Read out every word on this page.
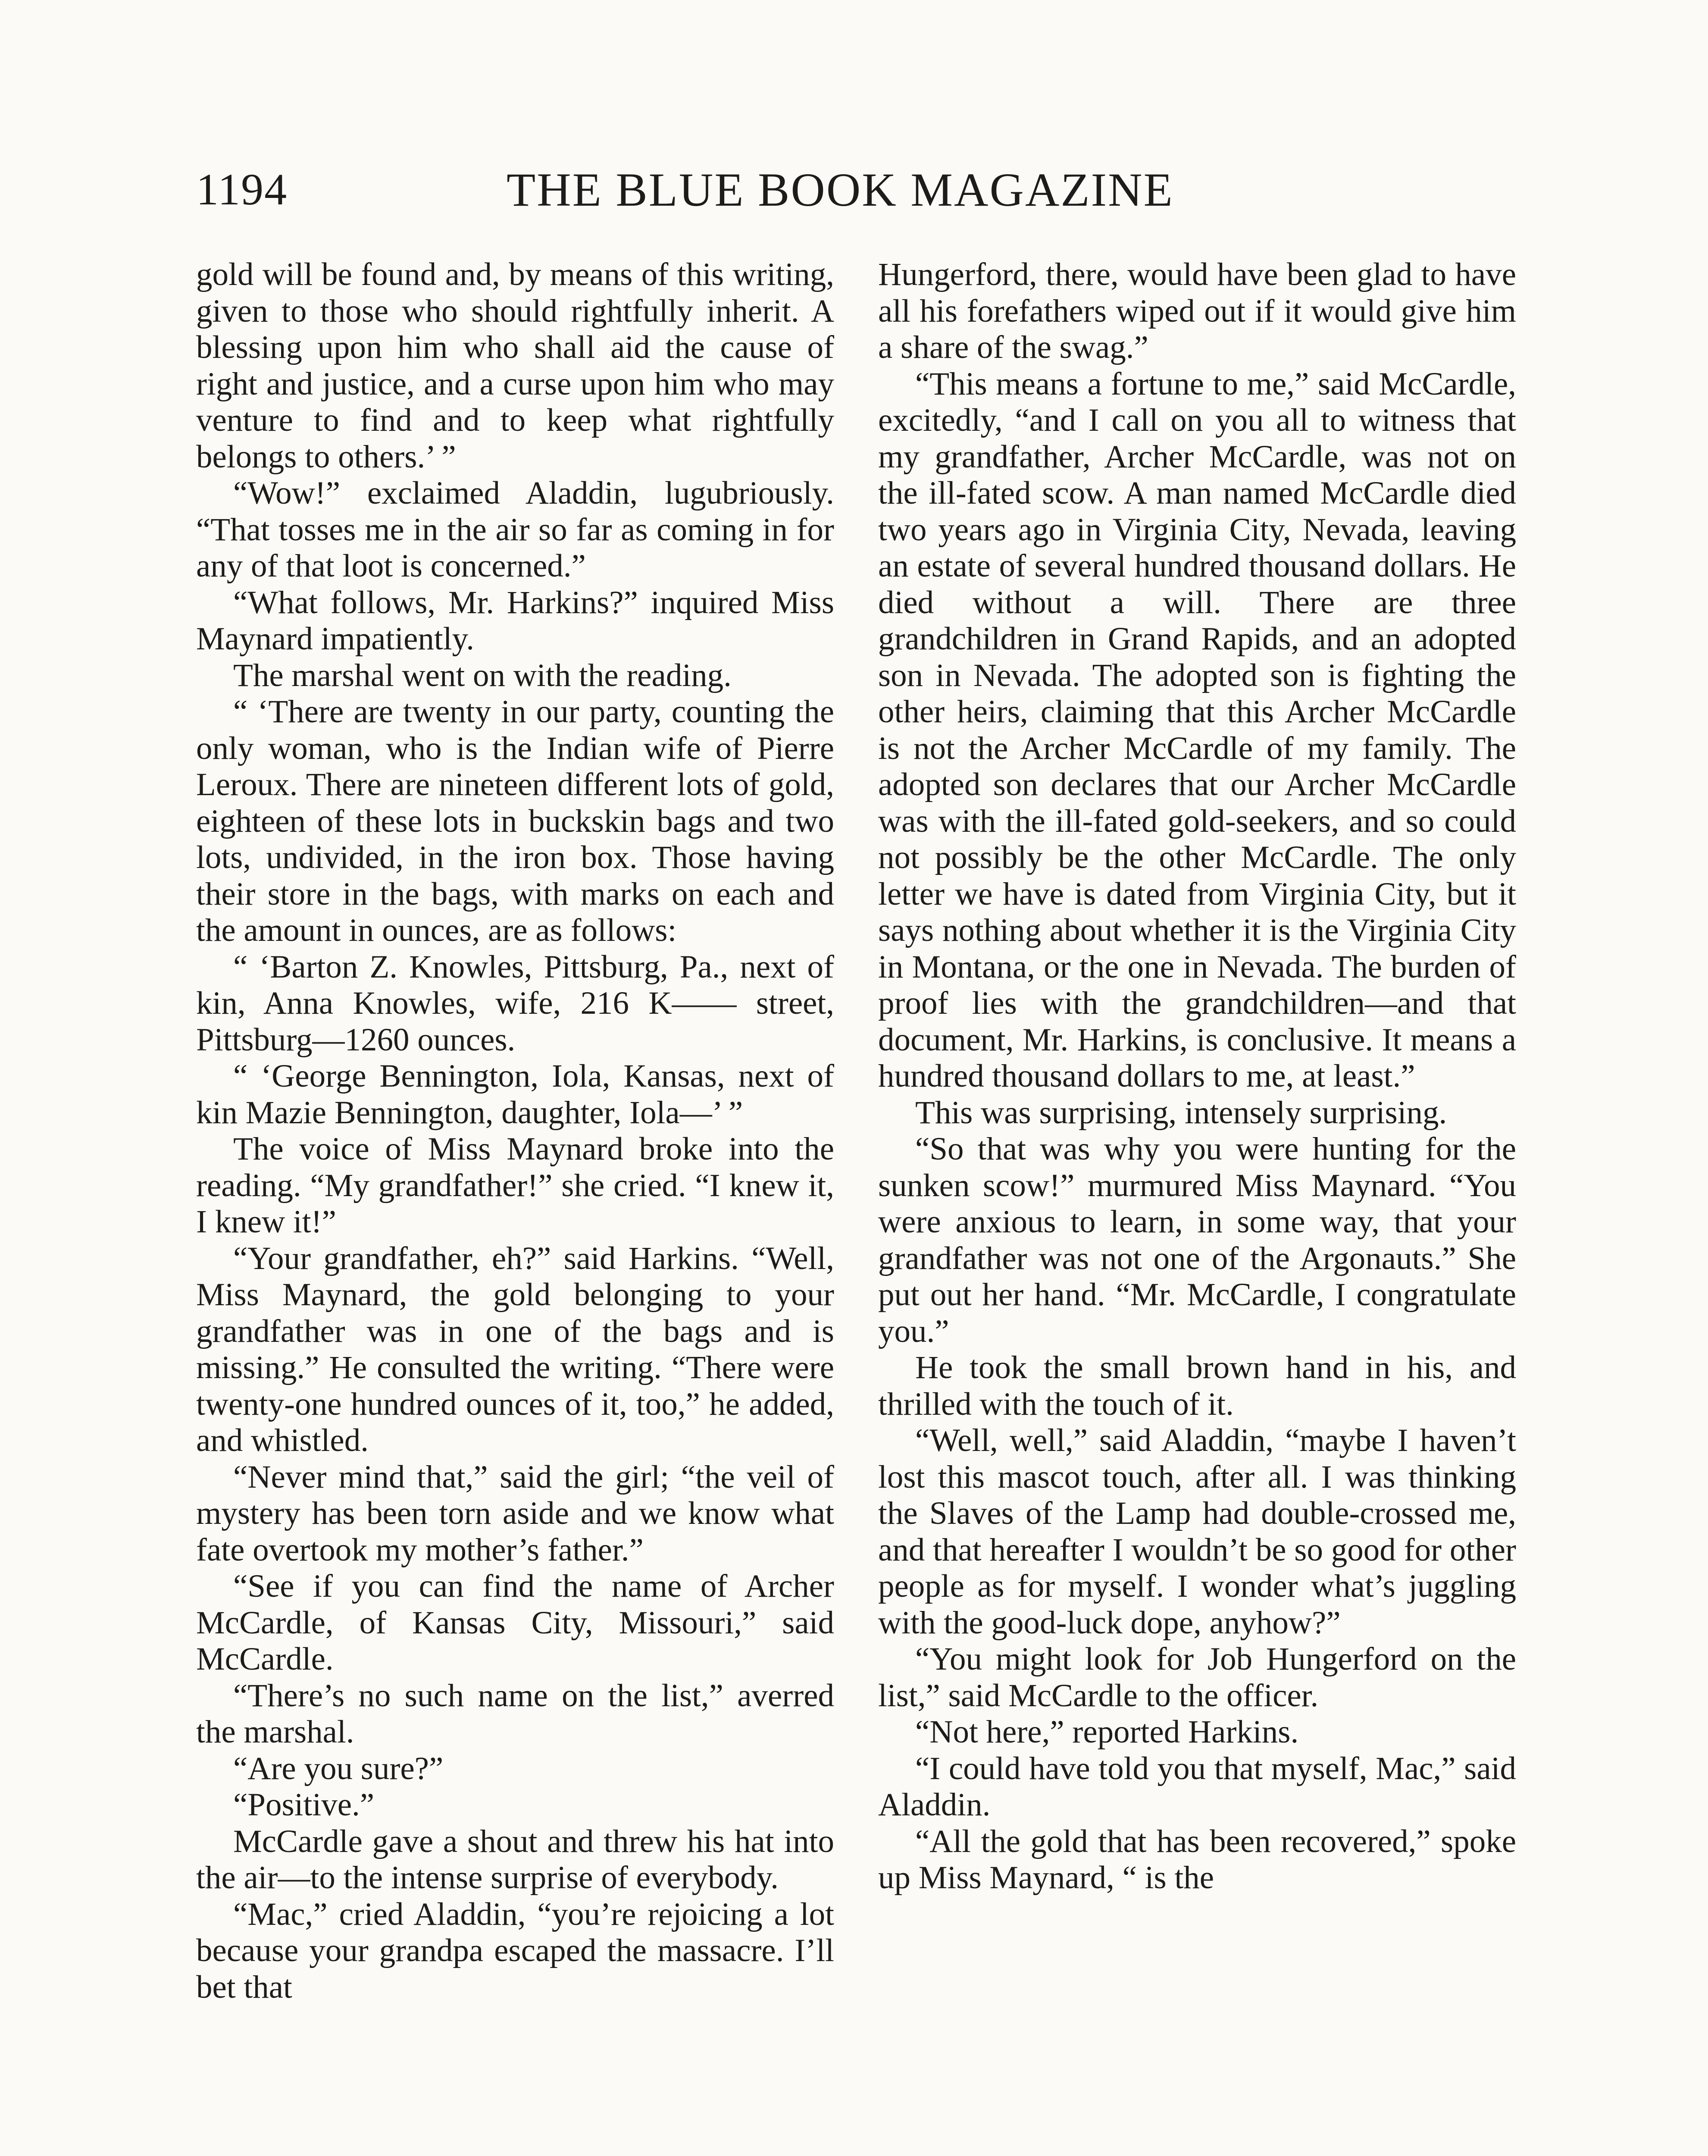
1194	THE BLUE BOOK MAGAZINE

gold will be found and, by means of this writing, given to those who should rightfully inherit. A blessing upon him who shall aid the cause of right and justice, and a curse upon him who may venture to find and to keep what rightfully belongs to others.’ ”

“Wow!” exclaimed Aladdin, lugubriously. “That tosses me in the air so far as coming in for any of that loot is concerned.”

“What follows, Mr. Harkins?” inquired Miss Maynard impatiently.

The marshal went on with the reading.

“ ‘There are twenty in our party, counting the only woman, who is the Indian wife of Pierre Leroux. There are nineteen different lots of gold, eighteen of these lots in buckskin bags and two lots, undivided, in the iron box. Those having their store in the bags, with marks on each and the amount in ounces, are as follows:

“ ‘Barton Z. Knowles, Pittsburg, Pa., next of kin, Anna Knowles, wife, 216 K—— street, Pittsburg—1260 ounces.

“ ‘George Bennington, Iola, Kansas, next of kin Mazie Bennington, daughter, Iola—’ ”

The voice of Miss Maynard broke into the reading. “My grandfather!” she cried. “I knew it, I knew it!”

“Your grandfather, eh?” said Harkins. “Well, Miss Maynard, the gold belonging to your grandfather was in one of the bags and is missing.” He consulted the writing. “There were twenty-one hundred ounces of it, too,” he added, and whistled.

“Never mind that,” said the girl; “the veil of mystery has been torn aside and we know what fate overtook my mother’s father.”

“See if you can find the name of Archer McCardle, of Kansas City, Missouri,” said McCardle.

“There’s no such name on the list,” averred the marshal.

“Are you sure?”

“Positive.”

McCardle gave a shout and threw his hat into the air—to the intense surprise of everybody.

“Mac,” cried Aladdin, “you’re rejoicing a lot because your grandpa escaped the massacre. I’ll bet that

Hungerford, there, would have been glad to have all his forefathers wiped out if it would give him a share of the swag.”

“This means a fortune to me,” said McCardle, excitedly, “and I call on you all to witness that my grandfather, Archer McCardle, was not on the ill-fated scow. A man named McCardle died two years ago in Virginia City, Nevada, leaving an estate of several hundred thousand dollars. He died without a will. There are three grandchildren in Grand Rapids, and an adopted son in Nevada. The adopted son is fighting the other heirs, claiming that this Archer McCardle is not the Archer McCardle of my family. The adopted son declares that our Archer McCardle was with the ill-fated gold-seekers, and so could not possibly be the other McCardle. The only letter we have is dated from Virginia City, but it says nothing about whether it is the Virginia City in Montana, or the one in Nevada. The burden of proof lies with the grandchildren—and that document, Mr. Harkins, is conclusive. It means a hundred thousand dollars to me, at least.”

This was surprising, intensely surprising.

“So that was why you were hunting for the sunken scow!” murmured Miss Maynard. “You were anxious to learn, in some way, that your grandfather was not one of the Argonauts.” She put out her hand. “Mr. McCardle, I congratulate you.”

He took the small brown hand in his, and thrilled with the touch of it.

“Well, well,” said Aladdin, “maybe I haven’t lost this mascot touch, after all. I was thinking the Slaves of the Lamp had double-crossed me, and that hereafter I wouldn’t be so good for other people as for myself. I wonder what’s juggling with the good-luck dope, anyhow?”

“You might look for Job Hungerford on the list,” said McCardle to the officer.

“Not here,” reported Harkins.

“I could have told you that myself, Mac,” said Aladdin.

“All the gold that has been recovered,” spoke up Miss Maynard, “ is the
